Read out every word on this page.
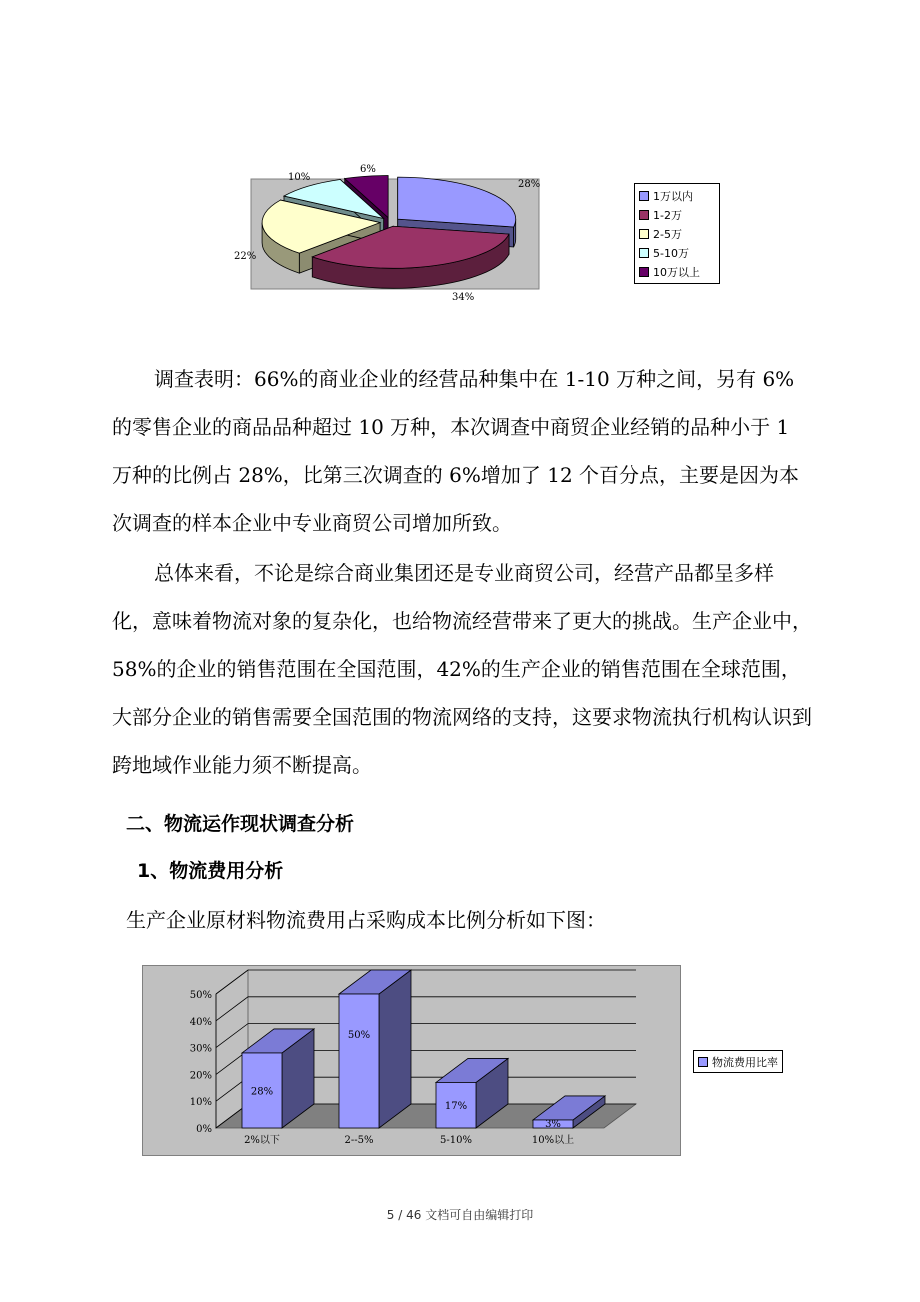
28%
34%
22%
10%
6%
1万以内
1-2万
2-5万
5-10万
10万以上

调查表明：66%的商业企业的经营品种集中在 1-10 万种之间，另有 6%的零售企业的商品品种超过 10 万种，本次调查中商贸企业经销的品种小于 1 万种的比例占 28%，比第三次调查的 6%增加了 12 个百分点，主要是因为本次调查的样本企业中专业商贸公司增加所致。

总体来看，不论是综合商业集团还是专业商贸公司，经营产品都呈多样化，意味着物流对象的复杂化，也给物流经营带来了更大的挑战。生产企业中，58%的企业的销售范围在全国范围，42%的生产企业的销售范围在全球范围，大部分企业的销售需要全国范围的物流网络的支持，这要求物流执行机构认识到跨地域作业能力须不断提高。

二、物流运作现状调查分析

1、物流费用分析

生产企业原材料物流费用占采购成本比例分析如下图：

0%
10%
20%
30%
40%
50%
28%
2%以下
50%
2--5%
17%
5-10%
3%
10%以上
物流费用比率
5 / 46 文档可自由编辑打印
